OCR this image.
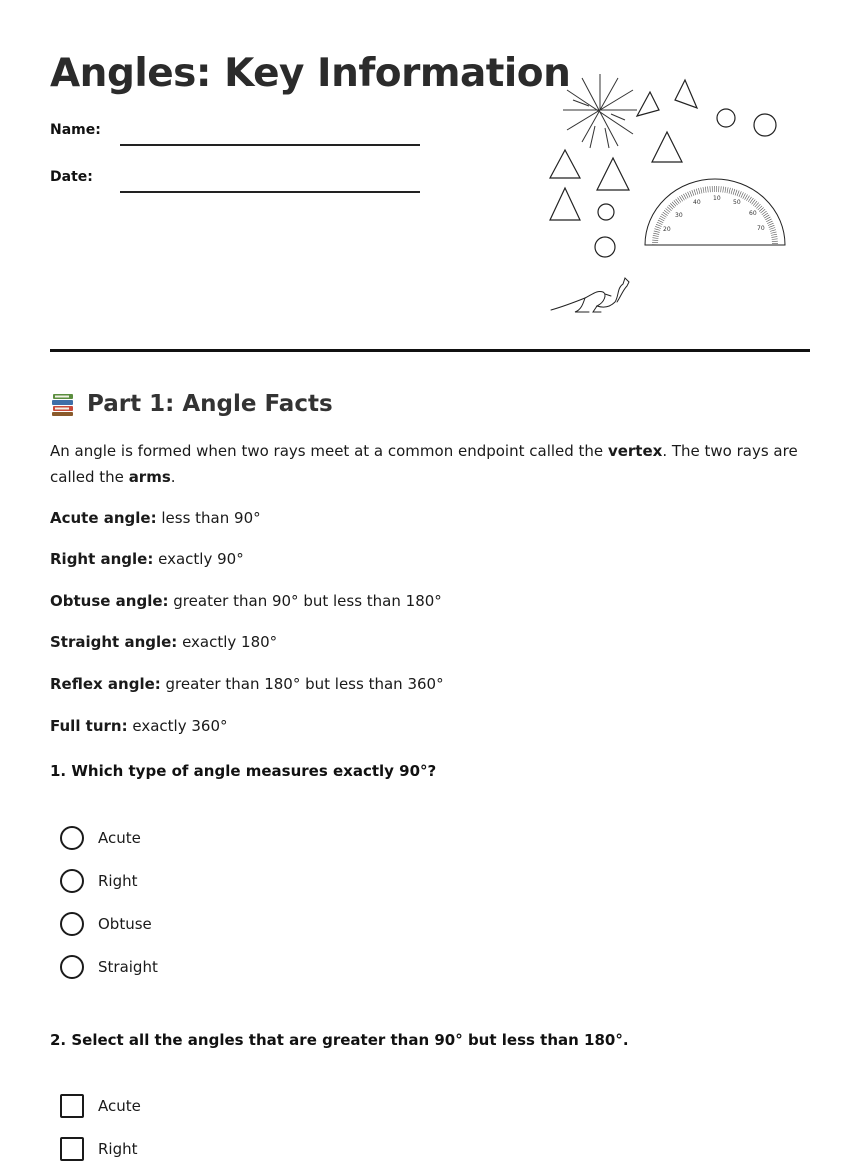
Angles: Key Information
Name:
Date:
20
30
40
10
50
60
70
Part 1: Angle Facts

An angle is formed when two rays meet at a common endpoint called the vertex. The two rays are called the arms.

Acute angle: less than 90°

Right angle: exactly 90°

Obtuse angle: greater than 90° but less than 180°

Straight angle: exactly 180°

Reflex angle: greater than 180° but less than 360°

Full turn: exactly 360°

1. Which type of angle measures exactly 90°?

Acute
Right
Obtuse
Straight

2. Select all the angles that are greater than 90° but less than 180°.

Acute
Right
